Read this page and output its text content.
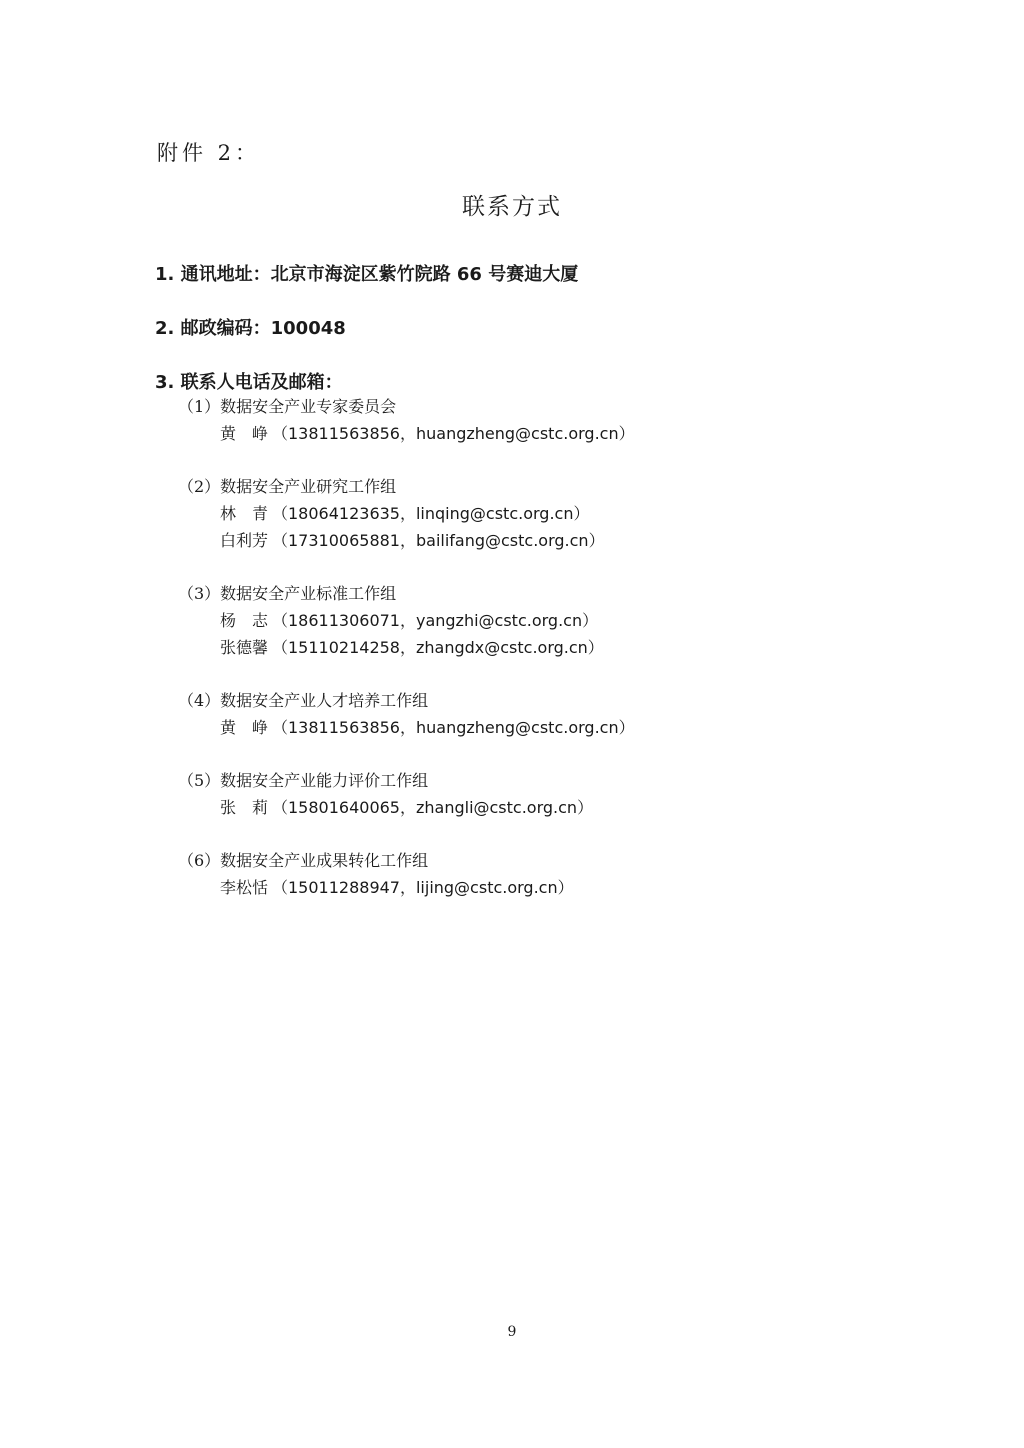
附件 2：
联系方式
1. 通讯地址：北京市海淀区紫竹院路 66 号赛迪大厦
2. 邮政编码：100048
3. 联系人电话及邮箱：
（1）数据安全产业专家委员会
黄　峥 （13811563856，huangzheng@cstc.org.cn）
（2）数据安全产业研究工作组
林　青 （18064123635，linqing@cstc.org.cn）
白利芳 （17310065881，bailifang@cstc.org.cn）
（3）数据安全产业标准工作组
杨　志 （18611306071，yangzhi@cstc.org.cn）
张德馨 （15110214258，zhangdx@cstc.org.cn）
（4）数据安全产业人才培养工作组
黄　峥 （13811563856，huangzheng@cstc.org.cn）
（5）数据安全产业能力评价工作组
张　莉 （15801640065，zhangli@cstc.org.cn）
（6）数据安全产业成果转化工作组
李松恬 （15011288947，lijing@cstc.org.cn）
9
